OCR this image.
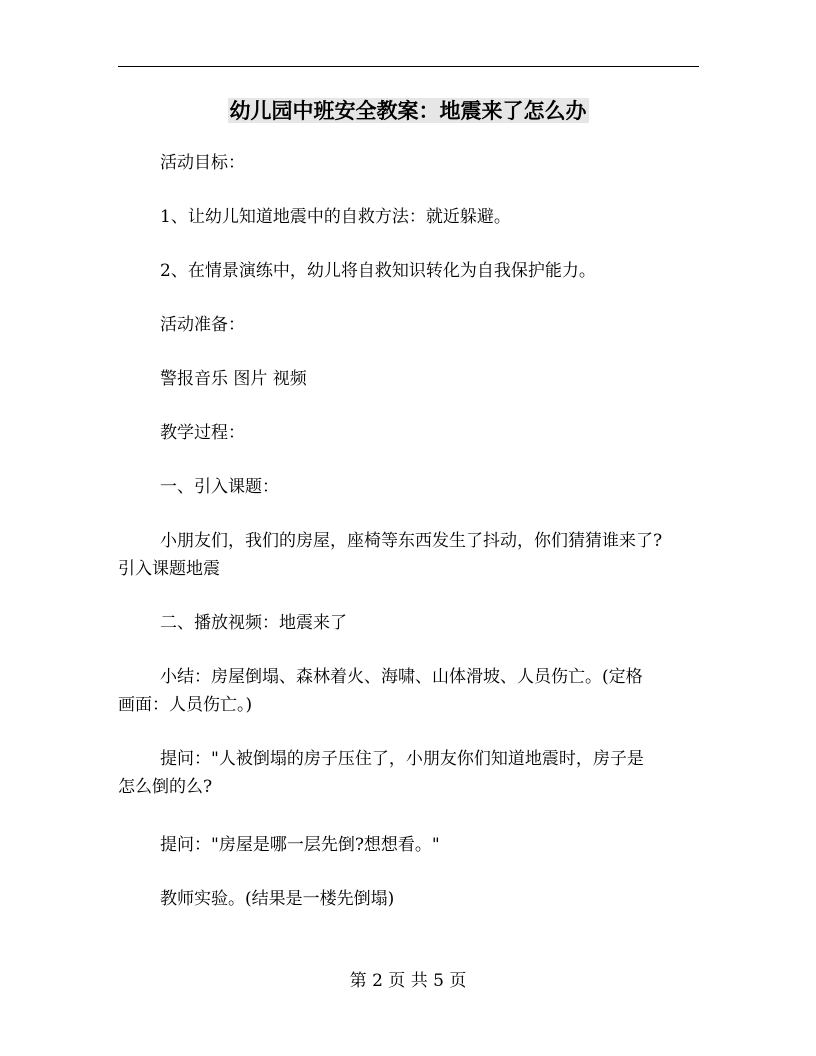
幼儿园中班安全教案：地震来了怎么办
活动目标：
1、让幼儿知道地震中的自救方法：就近躲避。
2、在情景演练中，幼儿将自救知识转化为自我保护能力。
活动准备：
警报音乐 图片 视频
教学过程：
一、引入课题：
小朋友们，我们的房屋，座椅等东西发生了抖动，你们猜猜谁来了?
引入课题地震
二、播放视频：地震来了
小结：房屋倒塌、森林着火、海啸、山体滑坡、人员伤亡。(定格
画面：人员伤亡。)
提问："人被倒塌的房子压住了，小朋友你们知道地震时，房子是
怎么倒的么?
提问："房屋是哪一层先倒?想想看。"
教师实验。(结果是一楼先倒塌)
第 2 页 共 5 页
